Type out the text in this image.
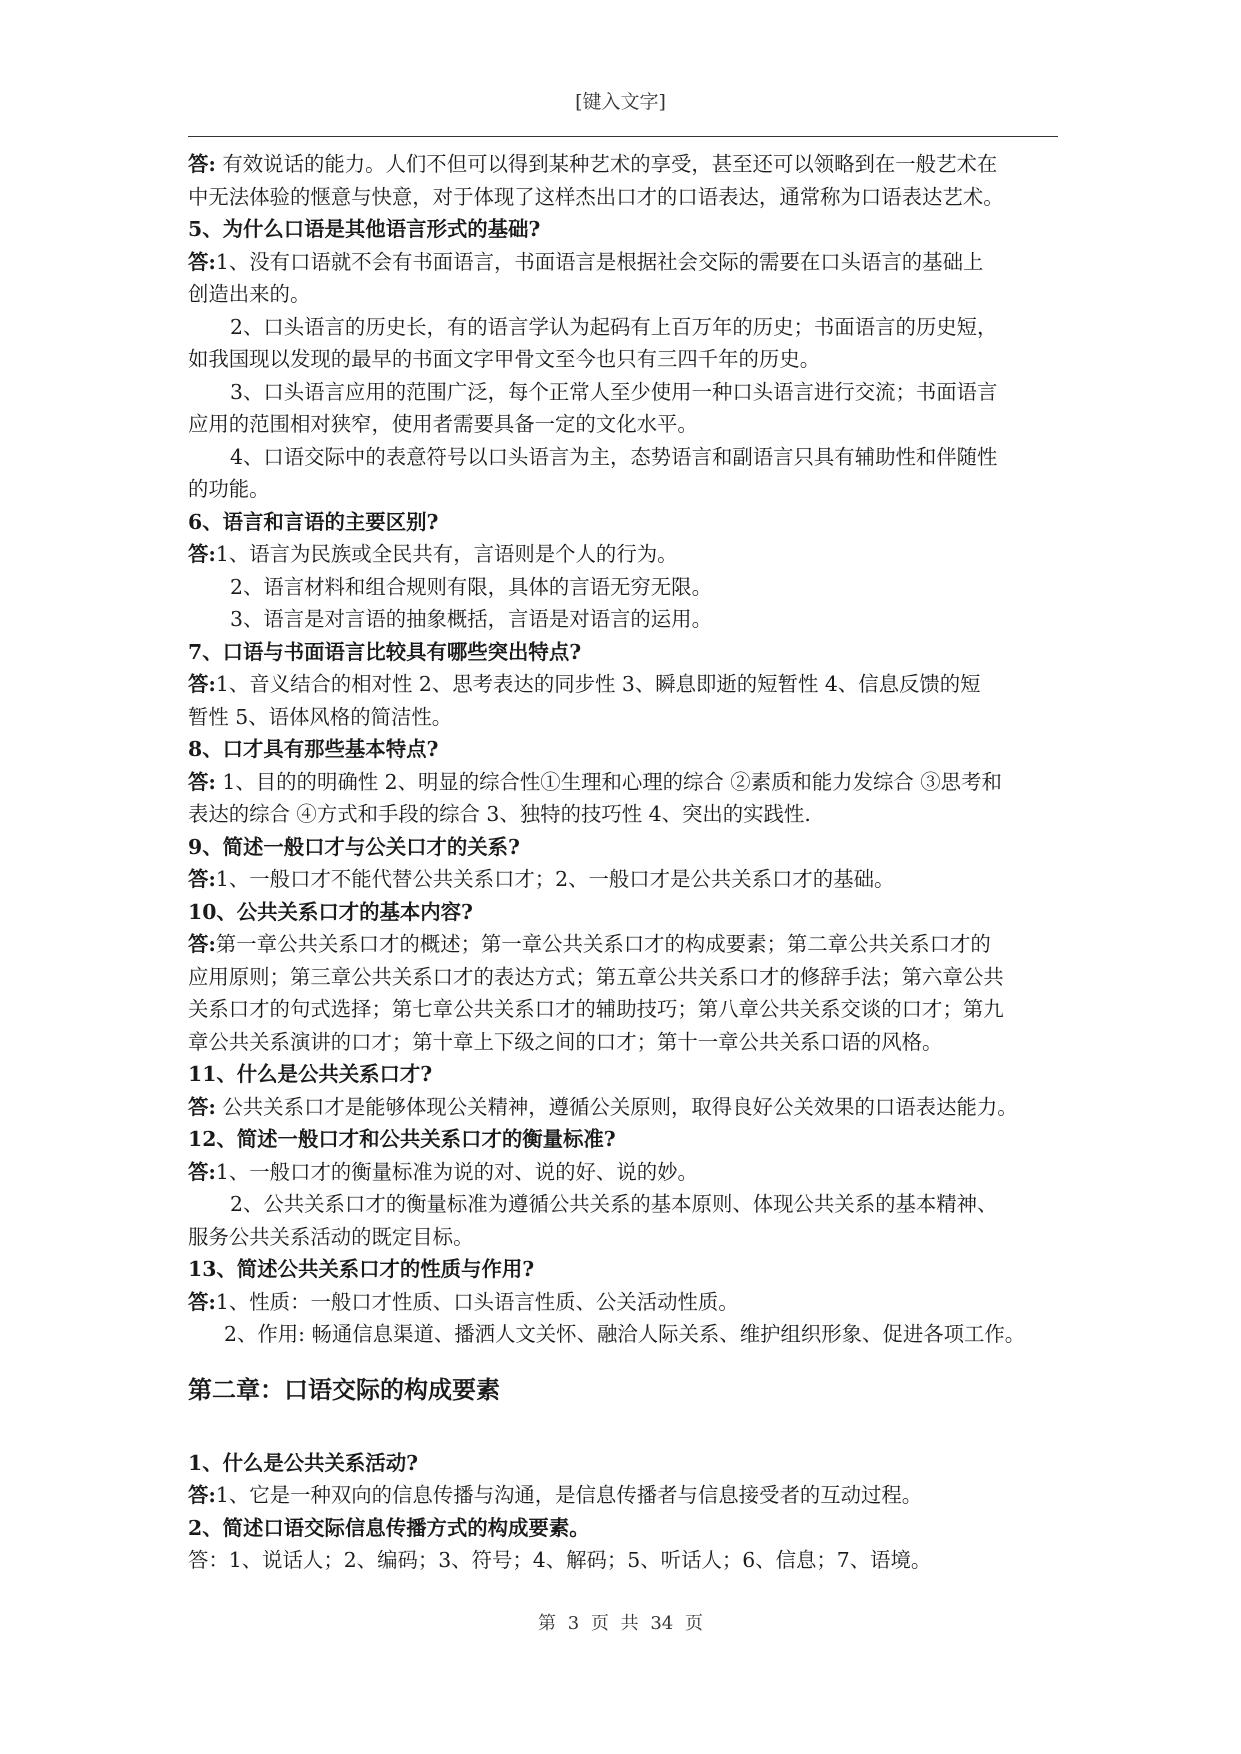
[键入文字]
答: 有效说话的能力。人们不但可以得到某种艺术的享受，甚至还可以领略到在一般艺术在
中无法体验的惬意与快意，对于体现了这样杰出口才的口语表达，通常称为口语表达艺术。
5、为什么口语是其他语言形式的基础?
答:1、没有口语就不会有书面语言，书面语言是根据社会交际的需要在口头语言的基础上
创造出来的。
2、口头语言的历史长，有的语言学认为起码有上百万年的历史；书面语言的历史短，
如我国现以发现的最早的书面文字甲骨文至今也只有三四千年的历史。
3、口头语言应用的范围广泛，每个正常人至少使用一种口头语言进行交流；书面语言
应用的范围相对狭窄，使用者需要具备一定的文化水平。
4、口语交际中的表意符号以口头语言为主，态势语言和副语言只具有辅助性和伴随性
的功能。
6、语言和言语的主要区别?
答:1、语言为民族或全民共有，言语则是个人的行为。
2、语言材料和组合规则有限，具体的言语无穷无限。
3、语言是对言语的抽象概括，言语是对语言的运用。
7、口语与书面语言比较具有哪些突出特点?
答:1、音义结合的相对性 2、思考表达的同步性 3、瞬息即逝的短暂性 4、信息反馈的短
暂性 5、语体风格的简洁性。
8、口才具有那些基本特点?
答: 1、目的的明确性 2、明显的综合性①生理和心理的综合 ②素质和能力发综合 ③思考和
表达的综合 ④方式和手段的综合 3、独特的技巧性 4、突出的实践性.
9、简述一般口才与公关口才的关系?
答:1、一般口才不能代替公共关系口才；2、一般口才是公共关系口才的基础。
10、公共关系口才的基本内容?
答:第一章公共关系口才的概述；第一章公共关系口才的构成要素；第二章公共关系口才的
应用原则；第三章公共关系口才的表达方式；第五章公共关系口才的修辞手法；第六章公共
关系口才的句式选择；第七章公共关系口才的辅助技巧；第八章公共关系交谈的口才；第九
章公共关系演讲的口才；第十章上下级之间的口才；第十一章公共关系口语的风格。
11、什么是公共关系口才?
答: 公共关系口才是能够体现公关精神，遵循公关原则，取得良好公关效果的口语表达能力。
12、简述一般口才和公共关系口才的衡量标准?
答:1、一般口才的衡量标准为说的对、说的好、说的妙。
2、公共关系口才的衡量标准为遵循公共关系的基本原则、体现公共关系的基本精神、
服务公共关系活动的既定目标。
13、简述公共关系口才的性质与作用?
答:1、性质：一般口才性质、口头语言性质、公关活动性质。
2、作用: 畅通信息渠道、播洒人文关怀、融洽人际关系、维护组织形象、促进各项工作。
第二章：口语交际的构成要素
1、什么是公共关系活动?
答:1、它是一种双向的信息传播与沟通，是信息传播者与信息接受者的互动过程。
2、简述口语交际信息传播方式的构成要素。
答：1、说话人；2、编码；3、符号；4、解码；5、听话人；6、信息；7、语境。
第 3 页 共 34 页
